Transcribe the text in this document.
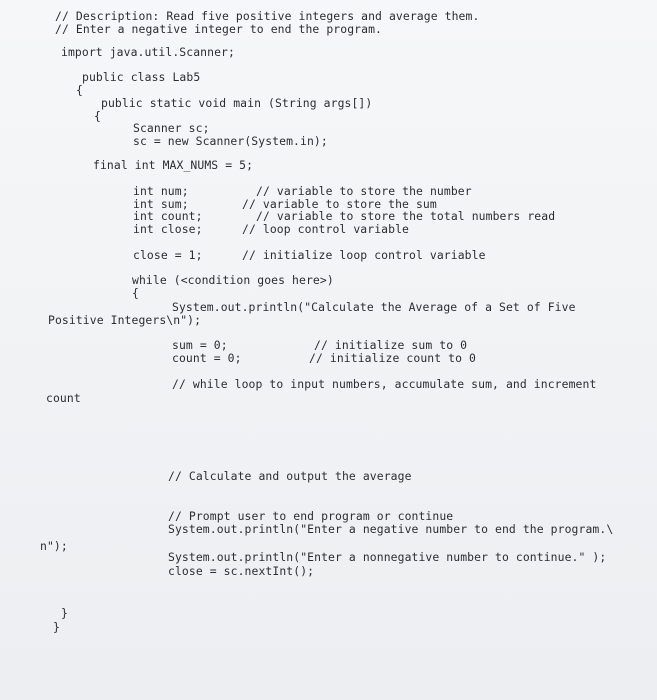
// Description: Read five positive integers and average them.
// Enter a negative integer to end the program.
import java.util.Scanner;
public class Lab5
{
public static void main (String args[])
{
Scanner sc;
sc = new Scanner(System.in);
final int MAX_NUMS = 5;
int num;
int sum;
int count;
int close;
// variable to store the number
// variable to store the sum
// variable to store the total numbers read
// loop control variable
close = 1;	// initialize loop control variable
while (<condition goes here>)
{
System.out.println("Calculate the Average of a Set of Five
Positive Integers\n");
sum = 0;
count = 0;
// initialize sum to 0
// initialize count to 0
// while loop to input numbers, accumulate sum, and increment
count
// Calculate and output the average
// Prompt user to end program or continue
System.out.println("Enter a negative number to end the program.\
n");
System.out.println("Enter a nonnegative number to continue." );
close = sc.nextInt();
}
}
